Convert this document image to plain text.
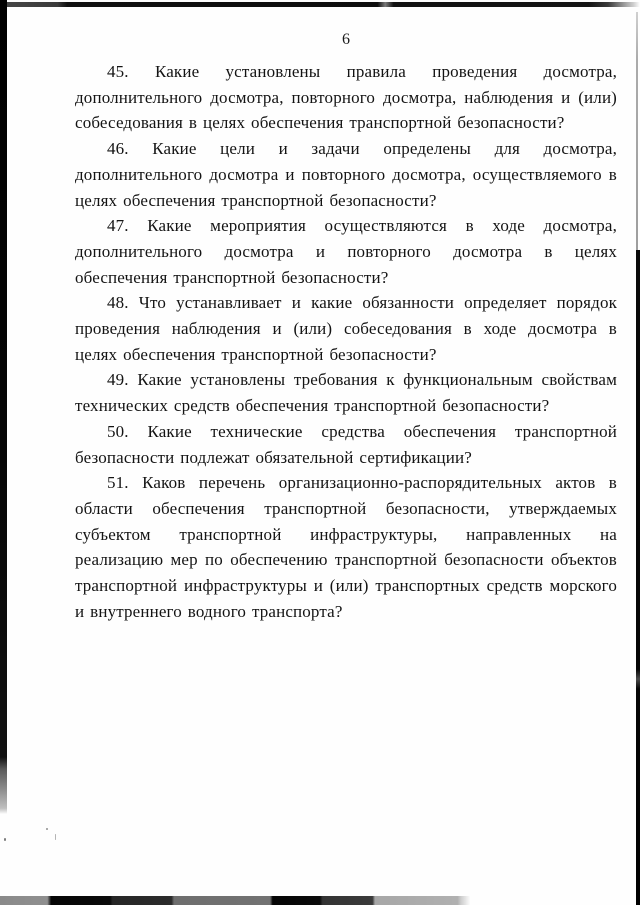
6

45. Какие установлены правила проведения досмотра, дополнительного досмотра, повторного досмотра, наблюдения и (или) собеседования в целях обеспечения транспортной безопасности?

46. Какие цели и задачи определены для досмотра, дополнительного досмотра и повторного досмотра, осуществляемого в целях обеспечения транспортной безопасности?

47. Какие мероприятия осуществляются в ходе досмотра, дополнительного досмотра и повторного досмотра в целях обеспечения транспортной безопасности?

48. Что устанавливает и какие обязанности определяет порядок проведения наблюдения и (или) собеседования в ходе досмотра в целях обеспечения транспортной безопасности?

49. Какие установлены требования к функциональным свойствам технических средств обеспечения транспортной безопасности?

50. Какие технические средства обеспечения транспортной безопасности подлежат обязательной сертификации?

51. Каков перечень организационно-распорядительных актов в области обеспечения транспортной безопасности, утверждаемых субъектом транспортной инфраструктуры, направленных на реализацию мер по обеспечению транспортной безопасности объектов транспортной инфраструктуры и (или) транспортных средств морского и внутреннего водного транспорта?
